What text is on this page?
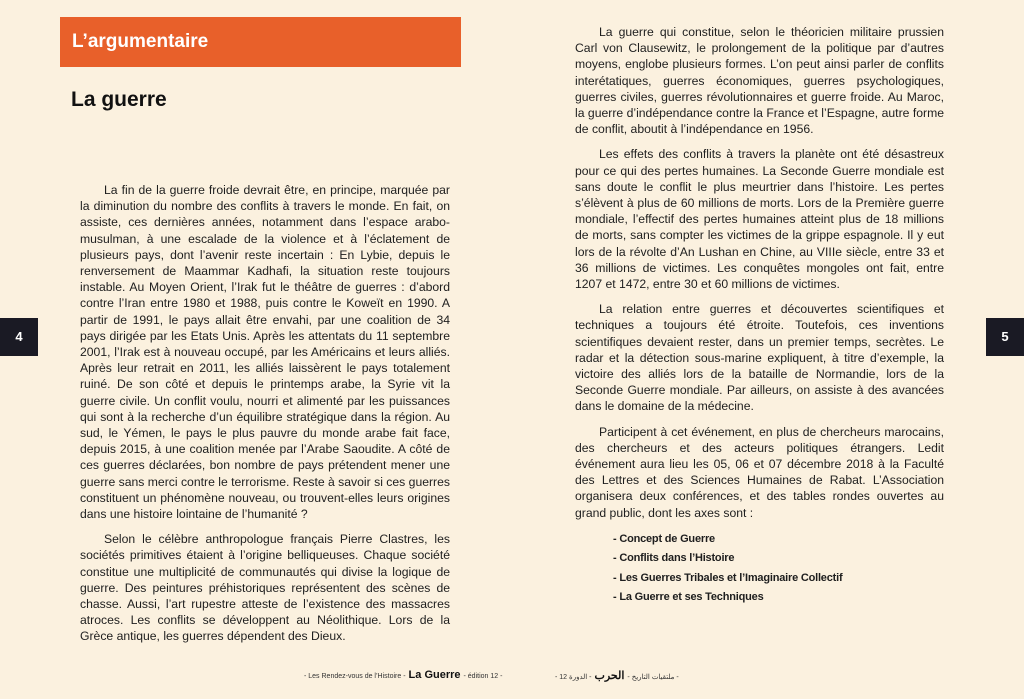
L’argumentaire
La guerre

La fin de la guerre froide devrait être, en principe, marquée par la diminution du nombre des conflits à travers le monde. En fait, on assiste, ces dernières années, notamment dans l’espace arabo-musulman, à une escalade de la violence et à l’éclatement de plusieurs pays, dont l’avenir reste incertain : En Lybie, depuis le renversement de Maammar Kadhafi, la situation reste toujours instable. Au Moyen Orient, l’Irak fut le théâtre de guerres : d’abord contre l’Iran entre 1980 et 1988, puis contre le Koweït en 1990. A partir de 1991, le pays allait être envahi, par une coalition de 34 pays dirigée par les Etats Unis. Après les attentats du 11 septembre 2001, l’Irak est à nouveau occupé, par les Américains et leurs alliés. Après leur retrait en 2011, les alliés laissèrent le pays totalement ruiné. De son côté et depuis le printemps arabe, la Syrie vit la guerre civile. Un conflit voulu, nourri et alimenté par les puissances qui sont à la recherche d’un équilibre stratégique dans la région. Au sud, le Yémen, le pays le plus pauvre du monde arabe fait face, depuis 2015, à une coalition menée par l’Arabe Saoudite. A côté de ces guerres déclarées, bon nombre de pays prétendent mener une guerre sans merci contre le terrorisme. Reste à savoir si ces guerres constituent un phénomène nouveau, ou trouvent-elles leurs origines dans une histoire lointaine de l’humanité ?

Selon le célèbre anthropologue français Pierre Clastres, les sociétés primitives étaient à l’origine belliqueuses. Chaque société constitue une multiplicité de communautés qui divise la logique de guerre. Des peintures préhistoriques représentent des scènes de chasse. Aussi, l’art rupestre atteste de l’existence des massacres atroces. Les conflits se développent au Néolithique. Lors de la Grèce antique, les guerres dépendent des Dieux.

La guerre qui constitue, selon le théoricien militaire prussien Carl von Clausewitz, le prolongement de la politique par d’autres moyens, englobe plusieurs formes. L’on peut ainsi parler de conflits interétatiques, guerres économiques, guerres psychologiques, guerres civiles, guerres révolutionnaires et guerre froide. Au Maroc, la guerre d’indépendance contre la France et l’Espagne, autre forme de conflit, aboutit à l’indépendance en 1956.

Les effets des conflits à travers la planète ont été désastreux pour ce qui des pertes humaines. La Seconde Guerre mondiale est sans doute le conflit le plus meurtrier dans l’histoire. Les pertes s’élèvent à plus de 60 millions de morts. Lors de la Première guerre mondiale, l’effectif des pertes humaines atteint plus de 18 millions de morts, sans compter les victimes de la grippe espagnole. Il y eut lors de la révolte d’An Lushan en Chine, au VIIIe siècle, entre 33 et 36 millions de victimes. Les conquêtes mongoles ont fait, entre 1207 et 1472, entre 30 et 60 millions de victimes.

La relation entre guerres et découvertes scientifiques et techniques a toujours été étroite. Toutefois, ces inventions scientifiques devaient rester, dans un premier temps, secrètes. Le radar et la détection sous-marine expliquent, à titre d’exemple, la victoire des alliés lors de la bataille de Normandie, lors de la Seconde Guerre mondiale. Par ailleurs, on assiste à des avancées dans le domaine de la médecine.

Participent à cet événement, en plus de chercheurs marocains, des chercheurs et des acteurs politiques étrangers. Ledit événement aura lieu les 05, 06 et 07 décembre 2018 à la Faculté des Lettres et des Sciences Humaines de Rabat. L’Association organisera deux conférences, et des tables rondes ouvertes au grand public, dont les axes sont :

- Concept de Guerre
- Conflits dans l’Histoire
- Les Guerres Tribales et l’Imaginaire Collectif
- La Guerre et ses Techniques
4	5
- Les Rendez-vous de l’Histoire - La Guerre - édition 12 -	- ملتقيات التاريخ -
الحرب
- الدورة 12 -
